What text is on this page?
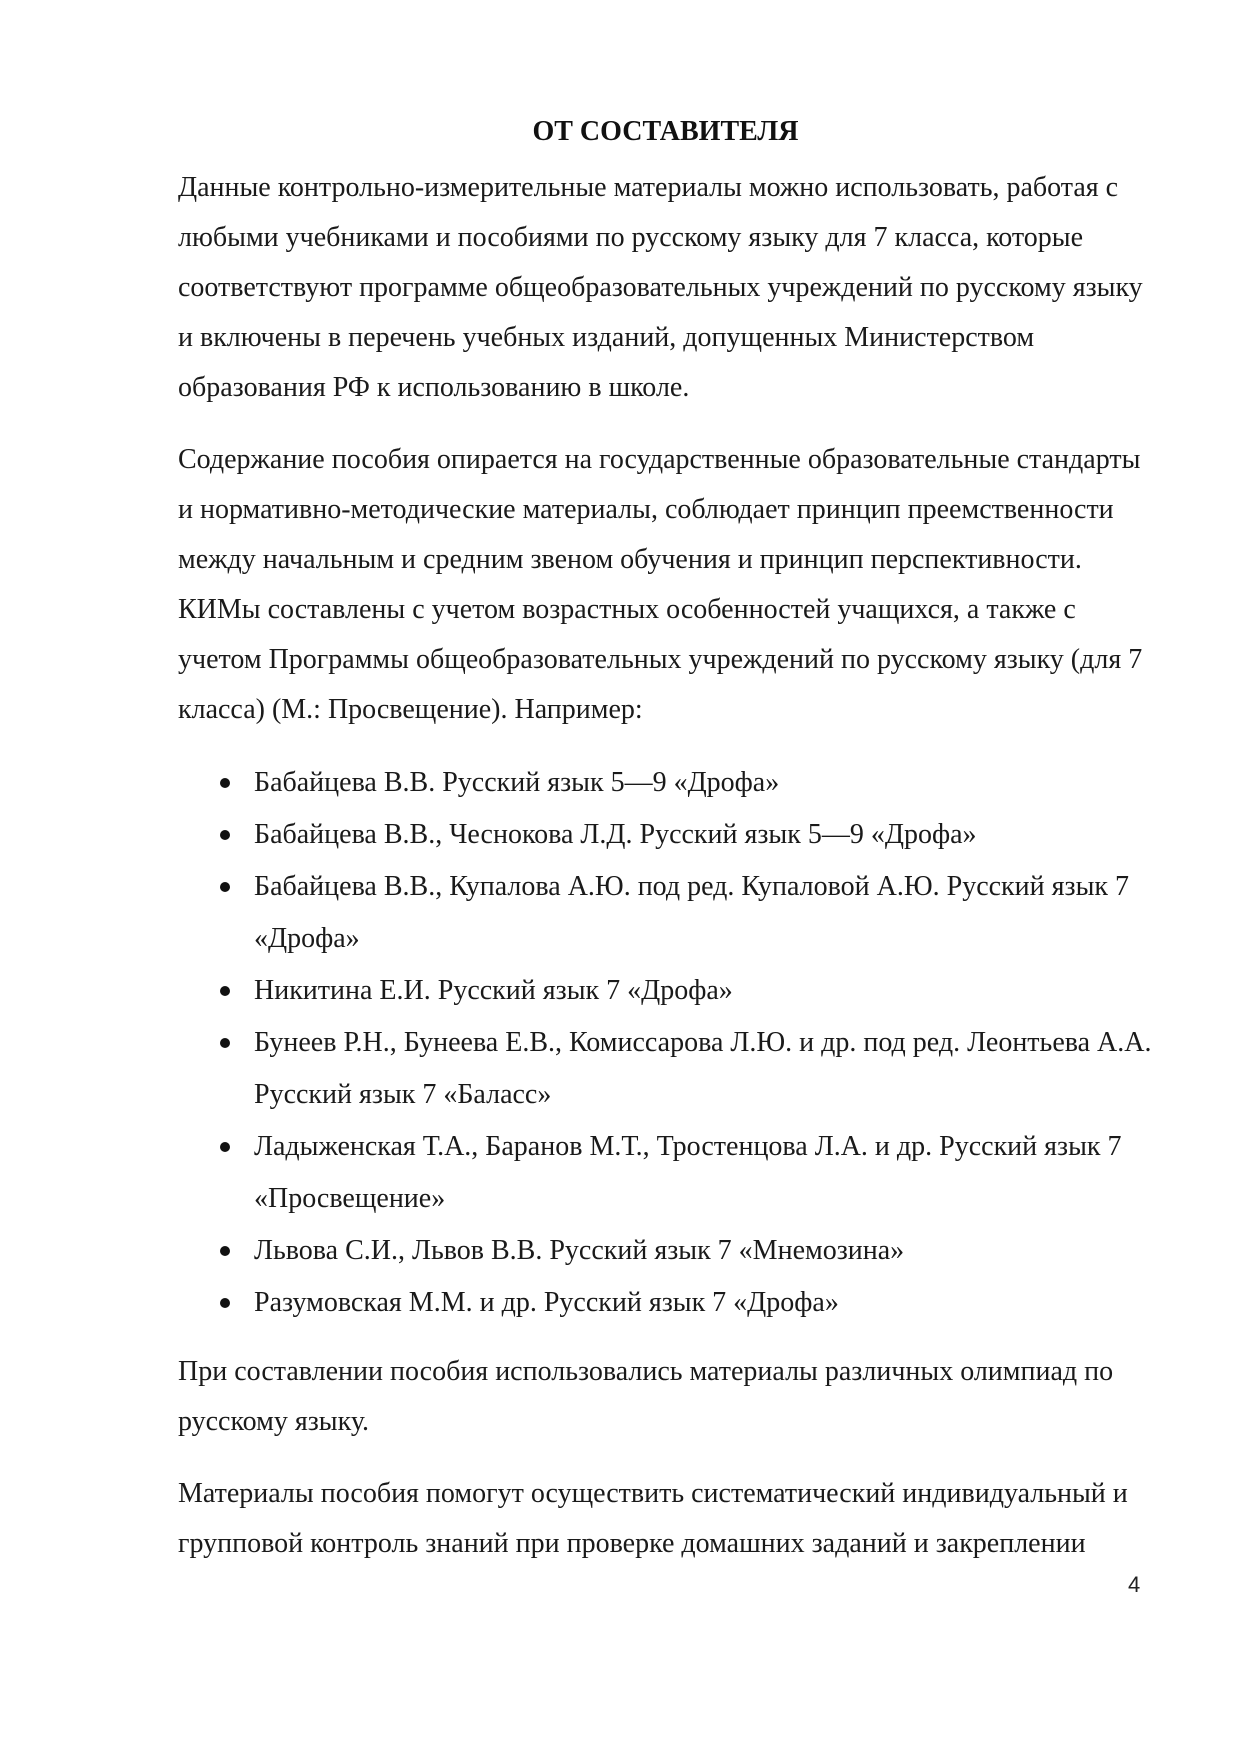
ОТ СОСТАВИТЕЛЯ

Данные контрольно-измерительные материалы можно использовать, работая с любыми учебниками и пособиями по русскому языку для 7 класса, которые соответствуют программе общеобразовательных учреждений по русскому языку и включены в перечень учебных изданий, допущенных Министерством образования РФ к использованию в школе.

Содержание пособия опирается на государственные образовательные стандарты и нормативно-методические материалы, соблюдает принцип преемственности между начальным и средним звеном обучения и принцип перспективности. КИМы составлены с учетом возрастных особенностей учащихся, а также с учетом Программы общеобразовательных учреждений по русскому языку (для 7 класса) (М.: Просвещение). Например:

Бабайцева В.В. Русский язык 5—9 «Дрофа»
Бабайцева В.В., Чеснокова Л.Д. Русский язык 5—9 «Дрофа»
Бабайцева В.В., Купалова А.Ю. под ред. Купаловой А.Ю. Русский язык 7 «Дрофа»
Никитина Е.И. Русский язык 7 «Дрофа»
Бунеев Р.Н., Бунеева Е.В., Комиссарова Л.Ю. и др. под ред. Леонтьева А.А. Русский язык 7 «Баласс»
Ладыженская Т.А., Баранов М.Т., Тростенцова Л.А. и др. Русский язык 7 «Просвещение»
Львова С.И., Львов В.В. Русский язык 7 «Мнемозина»
Разумовская М.М. и др. Русский язык 7 «Дрофа»

При составлении пособия использовались материалы различных олимпиад по русскому языку.

Материалы пособия помогут осуществить систематический индивидуальный и групповой контроль знаний при проверке домашних заданий и закреплении

4
